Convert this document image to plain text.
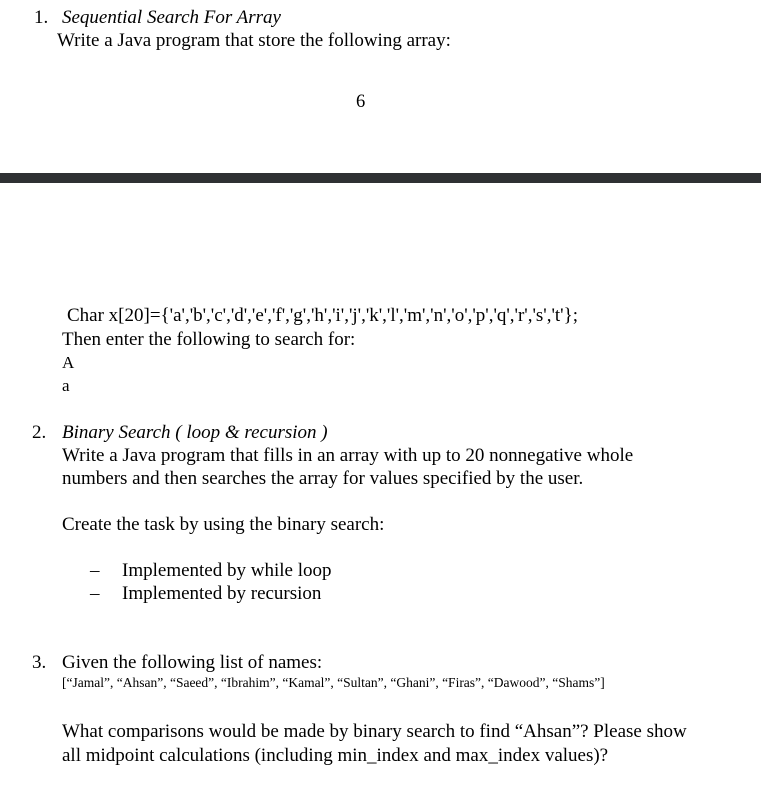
1. Sequential Search For Array
Write a Java program that store the following array:
6
Char x[20]={'a','b','c','d','e','f','g','h','i','j','k','l','m','n','o','p','q','r','s','t'};
Then enter the following to search for:
A
a
2. Binary Search ( loop & recursion )
Write a Java program that fills in an array with up to 20 nonnegative whole
numbers and then searches the array for values specified by the user.
Create the task by using the binary search:
– Implemented by while loop
– Implemented by recursion
3. Given the following list of names:
[“Jamal”, “Ahsan”, “Saeed”, “Ibrahim”, “Kamal”, “Sultan”, “Ghani”, “Firas”, “Dawood”, “Shams”]
What comparisons would be made by binary search to find “Ahsan”? Please show
all midpoint calculations (including min_index and max_index values)?
